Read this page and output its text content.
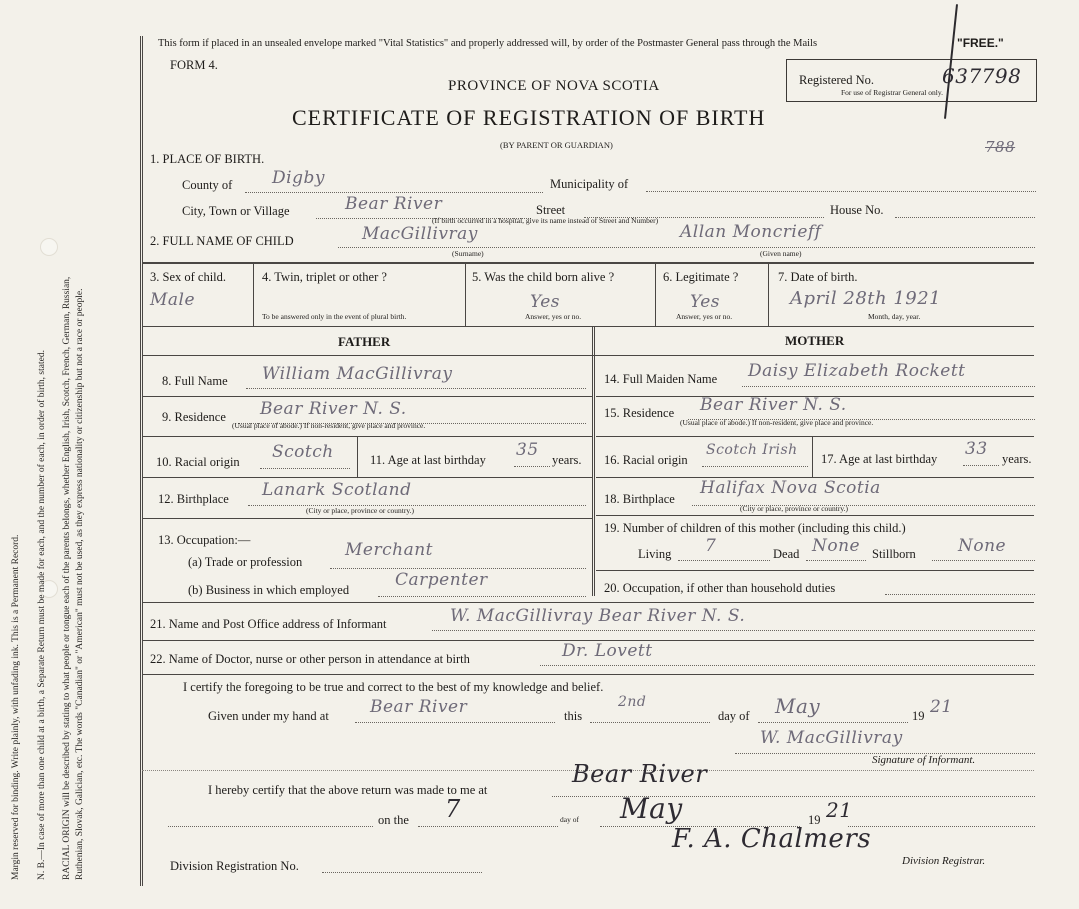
Margin reserved for binding. Write plainly, with unfading ink. This is a Permanent Record. N. B.—In case of more than one child at a birth, a Separate Return must be made for each, and the number of each, in order of birth, stated. RACIAL ORIGIN will be described by stating to what people or tongue each of the parents belongs, whether English, Irish, Scotch, French, German, Russian, Ruthenian, Slovak, Galician, etc. The words "Canadian" or "American" must not be used, as they express nationality or citizenship but not a race or people.
This form if placed in an unsealed envelope marked "Vital Statistics" and properly addressed will, by order of the Postmaster General pass through the Mails	"FREE."
FORM 4.
PROVINCE OF NOVA SCOTIA
CERTIFICATE OF REGISTRATION OF BIRTH
(BY PARENT OR GUARDIAN)
Registered No.	637798
For use of Registrar General only.
788
1. PLACE OF BIRTH.
County of Digby	Municipality of
City, Town or Village	Bear River	Street	House No.
(If birth occurred in a hospital, give its name instead of Street and Number)
2. FULL NAME OF CHILD	MacGillivray	Allan Moncrieff
(Surname)	(Given name)
3. Sex of child.
Male
4. Twin, triplet or other ?
To be answered only in the event of plural birth.
5. Was the child born alive ?
Yes
Answer, yes or no.
6. Legitimate ?
Yes
Answer, yes or no.
7. Date of birth.
April 28th 1921
Month, day, year.
FATHER	MOTHER
8. Full Name William MacGillivray
9. Residence Bear River N. S.
(Usual place of abode.) If non-resident, give place and province.
10. Racial origin Scotch	11. Age at last birthday 35 years.
12. Birthplace Lanark Scotland
(City or place, province or country.)
13. Occupation:—
(a) Trade or profession
Merchant
(b) Business in which employed	Carpenter
14. Full Maiden Name Daisy Elizabeth Rockett
15. Residence Bear River N. S.
(Usual place of abode.) If non-resident, give place and province.
16. Racial origin
Scotch Irish
17. Age at last birthday 33 years.
18. Birthplace
Halifax Nova Scotia
(City or place, province or country.)
19. Number of children of this mother (including this child.)
Living 7	Dead None Stillborn None
20. Occupation, if other than household duties
21. Name and Post Office address of Informant	W. MacGillivray Bear River N. S.
22. Name of Doctor, nurse or other person in attendance at birth	Dr. Lovett
I certify the foregoing to be true and correct to the best of my knowledge and belief.
Given under my hand at Bear River	this
2nd
day of May	19 21
W. MacGillivray
Signature of Informant.
I hereby certify that the above return was made to me at
Bear River
on the 7	day of May	19 21
F. A. Chalmers
Division Registrar.
Division Registration No.
